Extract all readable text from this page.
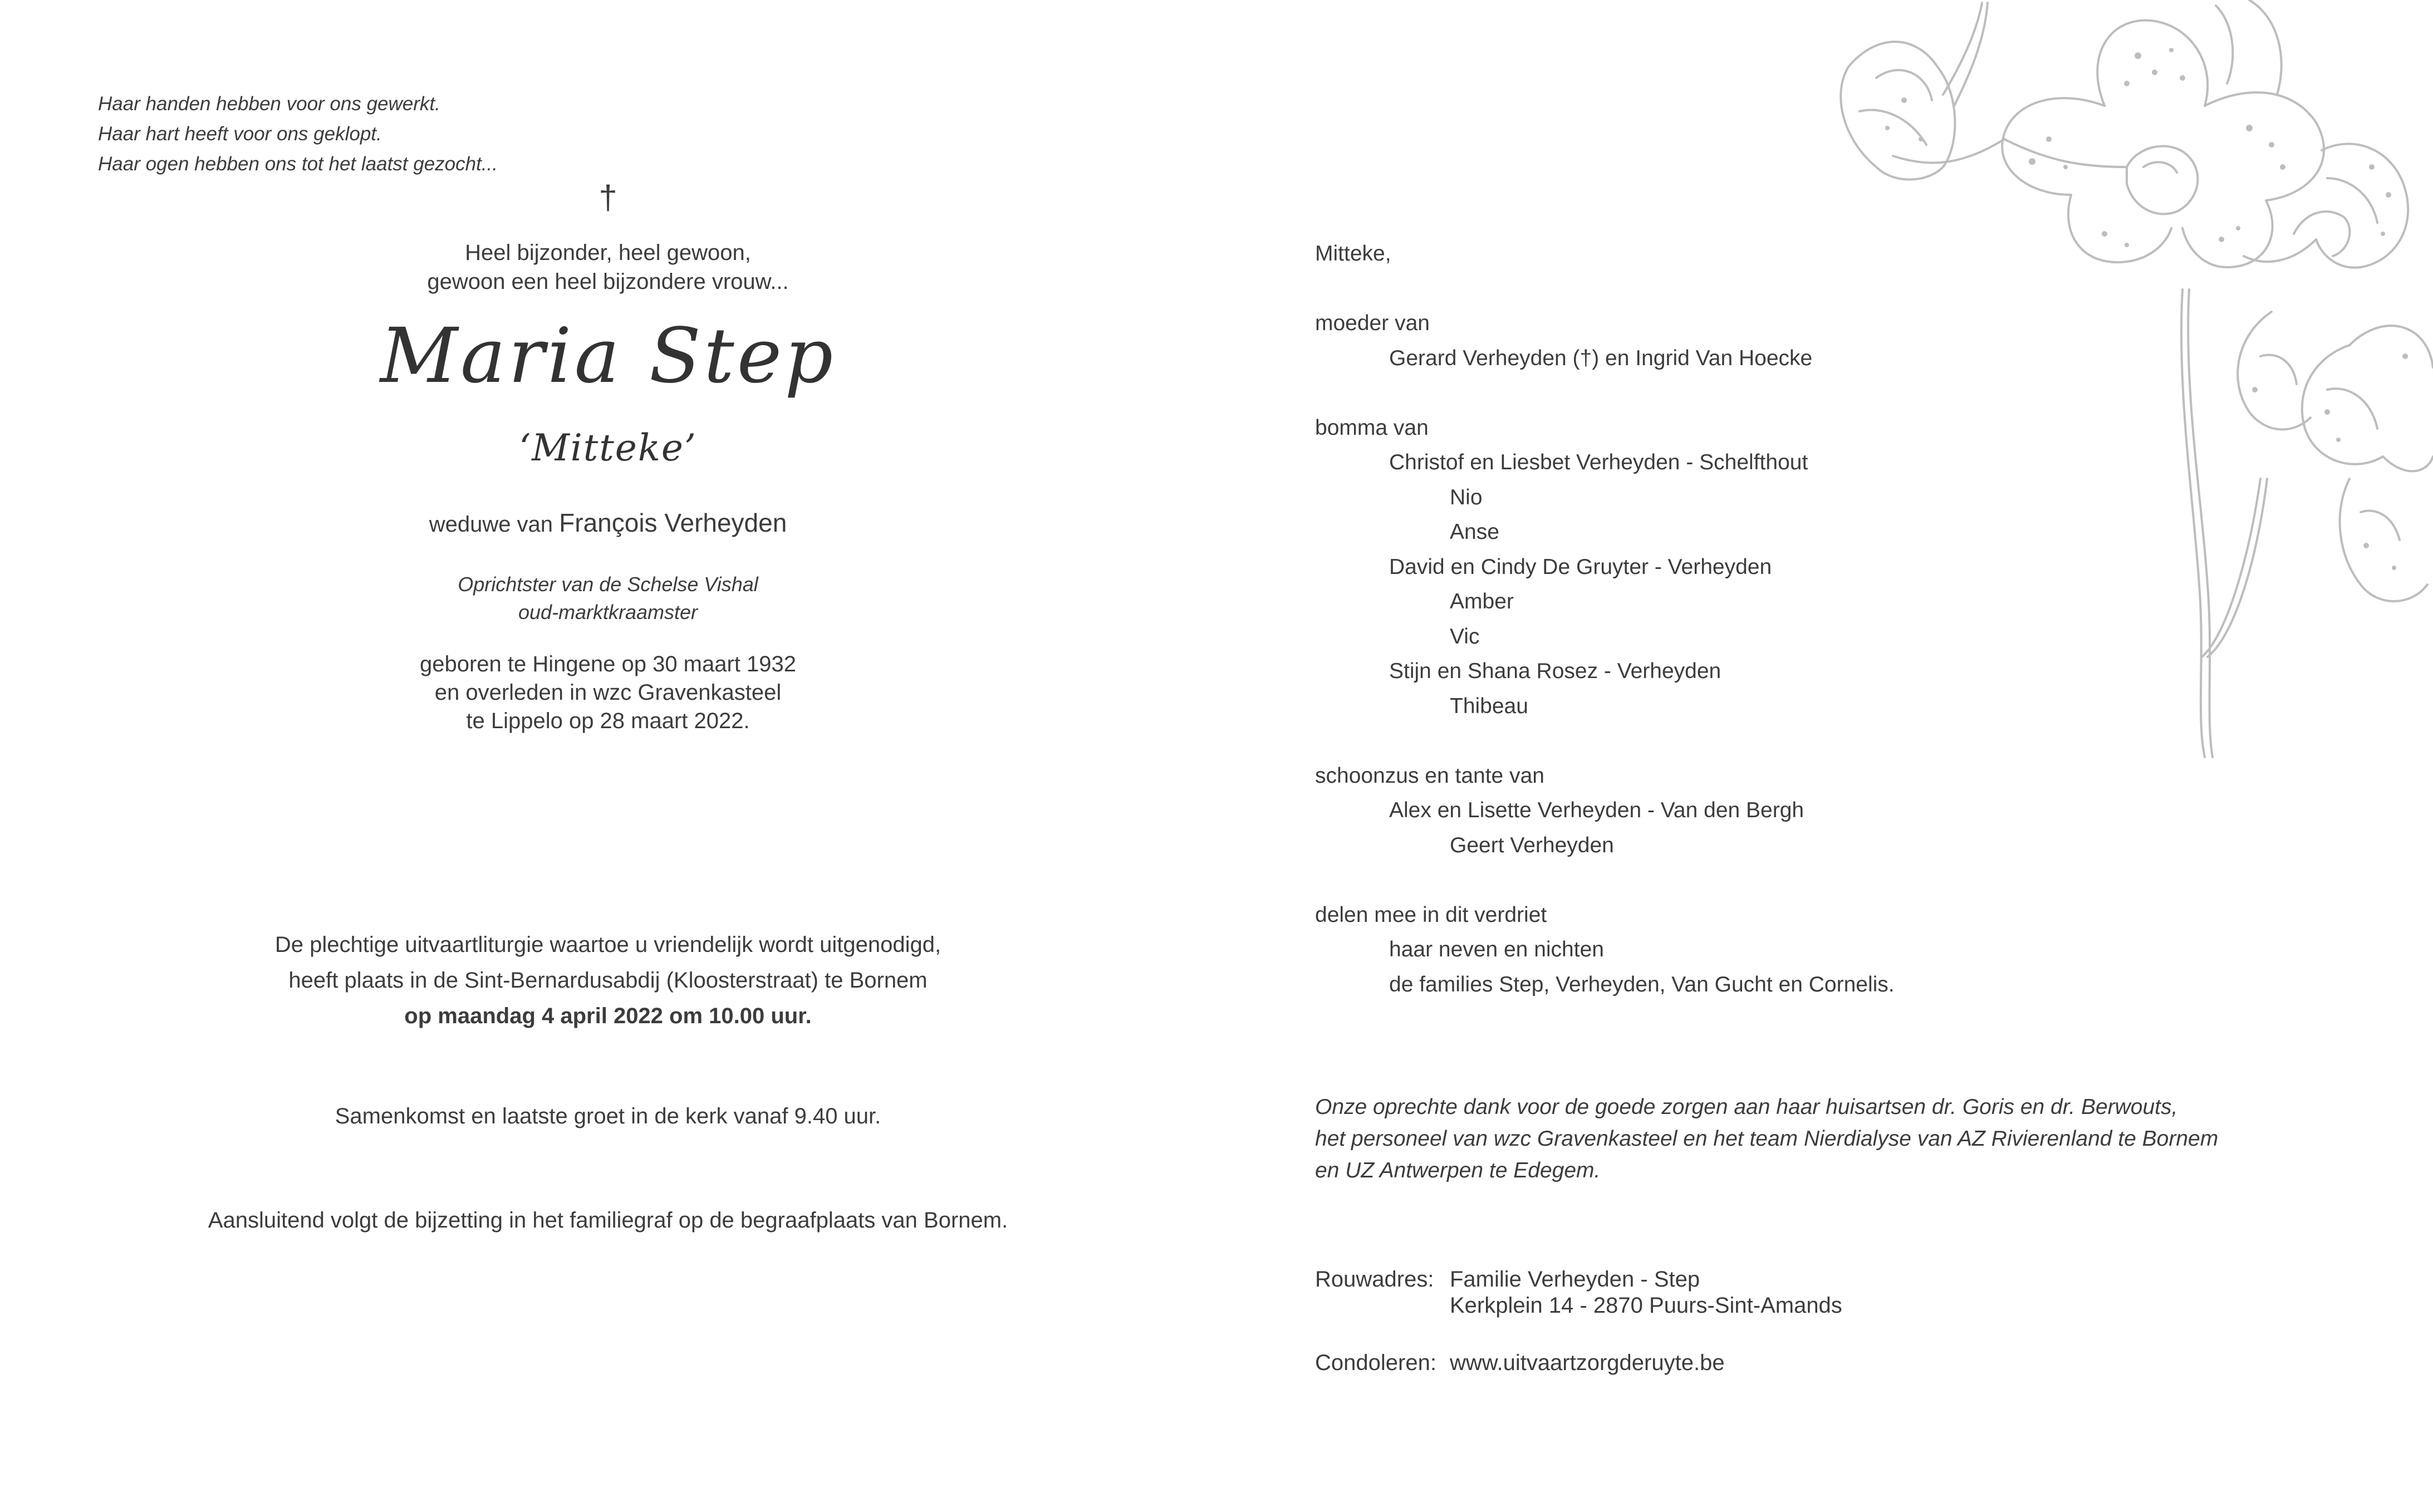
Haar handen hebben voor ons gewerkt.
Haar hart heeft voor ons geklopt.
Haar ogen hebben ons tot het laatst gezocht...
†
Heel bijzonder, heel gewoon,
gewoon een heel bijzondere vrouw...
Maria Step
‘Mitteke’
weduwe van François Verheyden
Oprichtster van de Schelse Vishal
oud-marktkraamster
geboren te Hingene op 30 maart 1932
en overleden in wzc Gravenkasteel
te Lippelo op 28 maart 2022.
De plechtige uitvaartliturgie waartoe u vriendelijk wordt uitgenodigd,
heeft plaats in de Sint-Bernardusabdij (Kloosterstraat) te Bornem
op maandag 4 april 2022 om 10.00 uur.
Samenkomst en laatste groet in de kerk vanaf 9.40 uur.
Aansluitend volgt de bijzetting in het familiegraf op de begraafplaats van Bornem.
Mitteke,
moeder van
Gerard Verheyden (†) en Ingrid Van Hoecke
bomma van
Christof en Liesbet Verheyden - Schelfthout
Nio
Anse
David en Cindy De Gruyter - Verheyden
Amber
Vic
Stijn en Shana Rosez - Verheyden
Thibeau
schoonzus en tante van
Alex en Lisette Verheyden - Van den Bergh
Geert Verheyden
delen mee in dit verdriet
haar neven en nichten
de families Step, Verheyden, Van Gucht en Cornelis.
Onze oprechte dank voor de goede zorgen aan haar huisartsen dr. Goris en dr. Berwouts,
het personeel van wzc Gravenkasteel en het team Nierdialyse van AZ Rivierenland te Bornem
en UZ Antwerpen te Edegem.
Rouwadres: Familie Verheyden - Step
Kerkplein 14 - 2870 Puurs-Sint-Amands
Condoleren: www.uitvaartzorgderuyte.be
